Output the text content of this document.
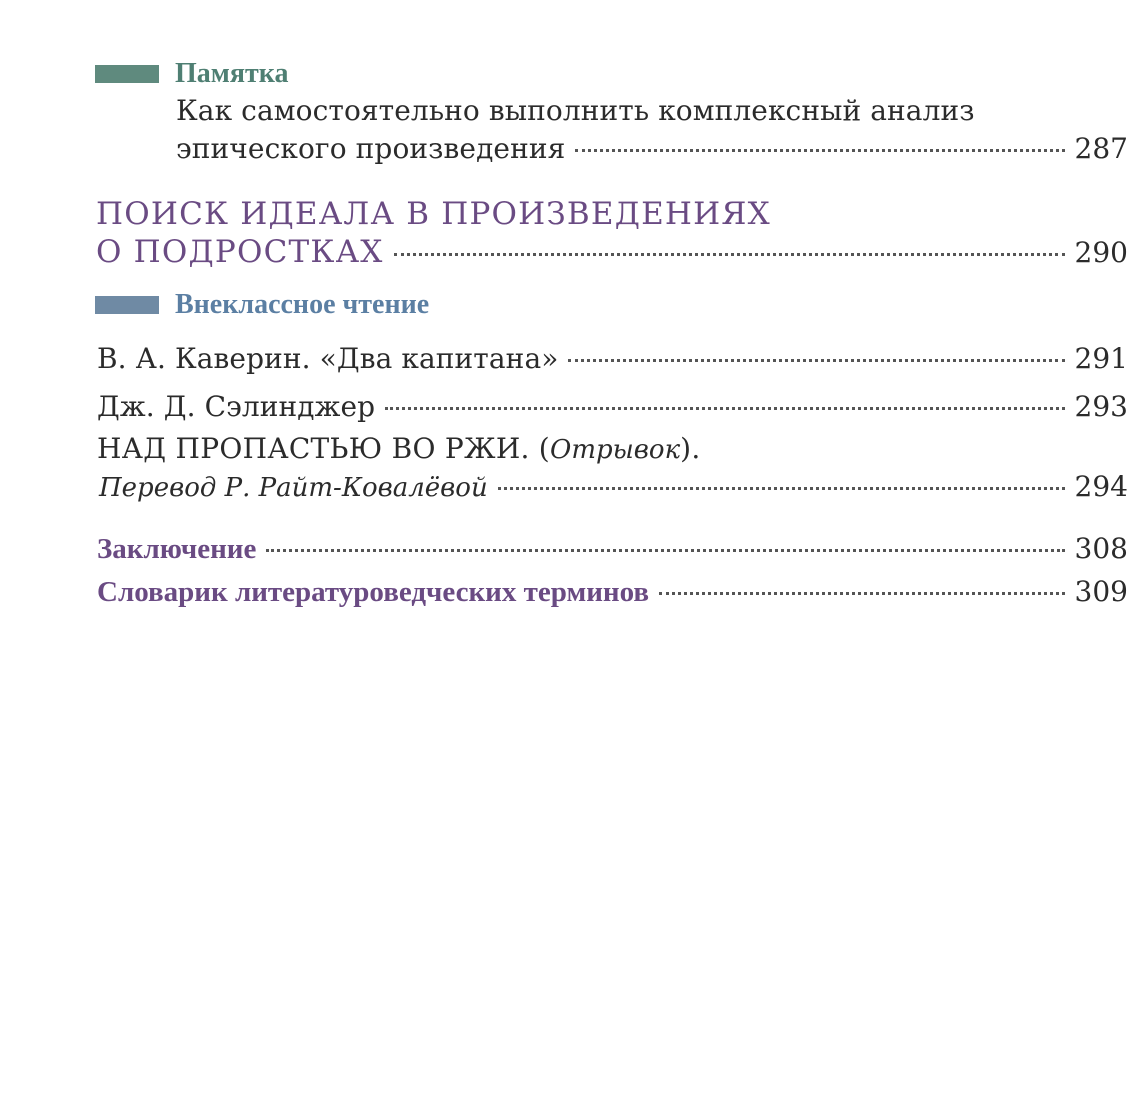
Памятка
Как самостоятельно выполнить комплексный анализ
эпического произведения	287
ПОИСК ИДЕАЛА В ПРОИЗВЕДЕНИЯХ
О ПОДРОСТКАХ	290
Внеклассное чтение
В. А. Каверин. «Два капитана»	291
Дж. Д. Сэлинджер	293
НАД ПРОПАСТЬЮ ВО РЖИ. ( Отрывок ).
Перевод Р. Райт-Ковалёвой	294
Заключение	308
Словарик литературоведческих терминов	309
